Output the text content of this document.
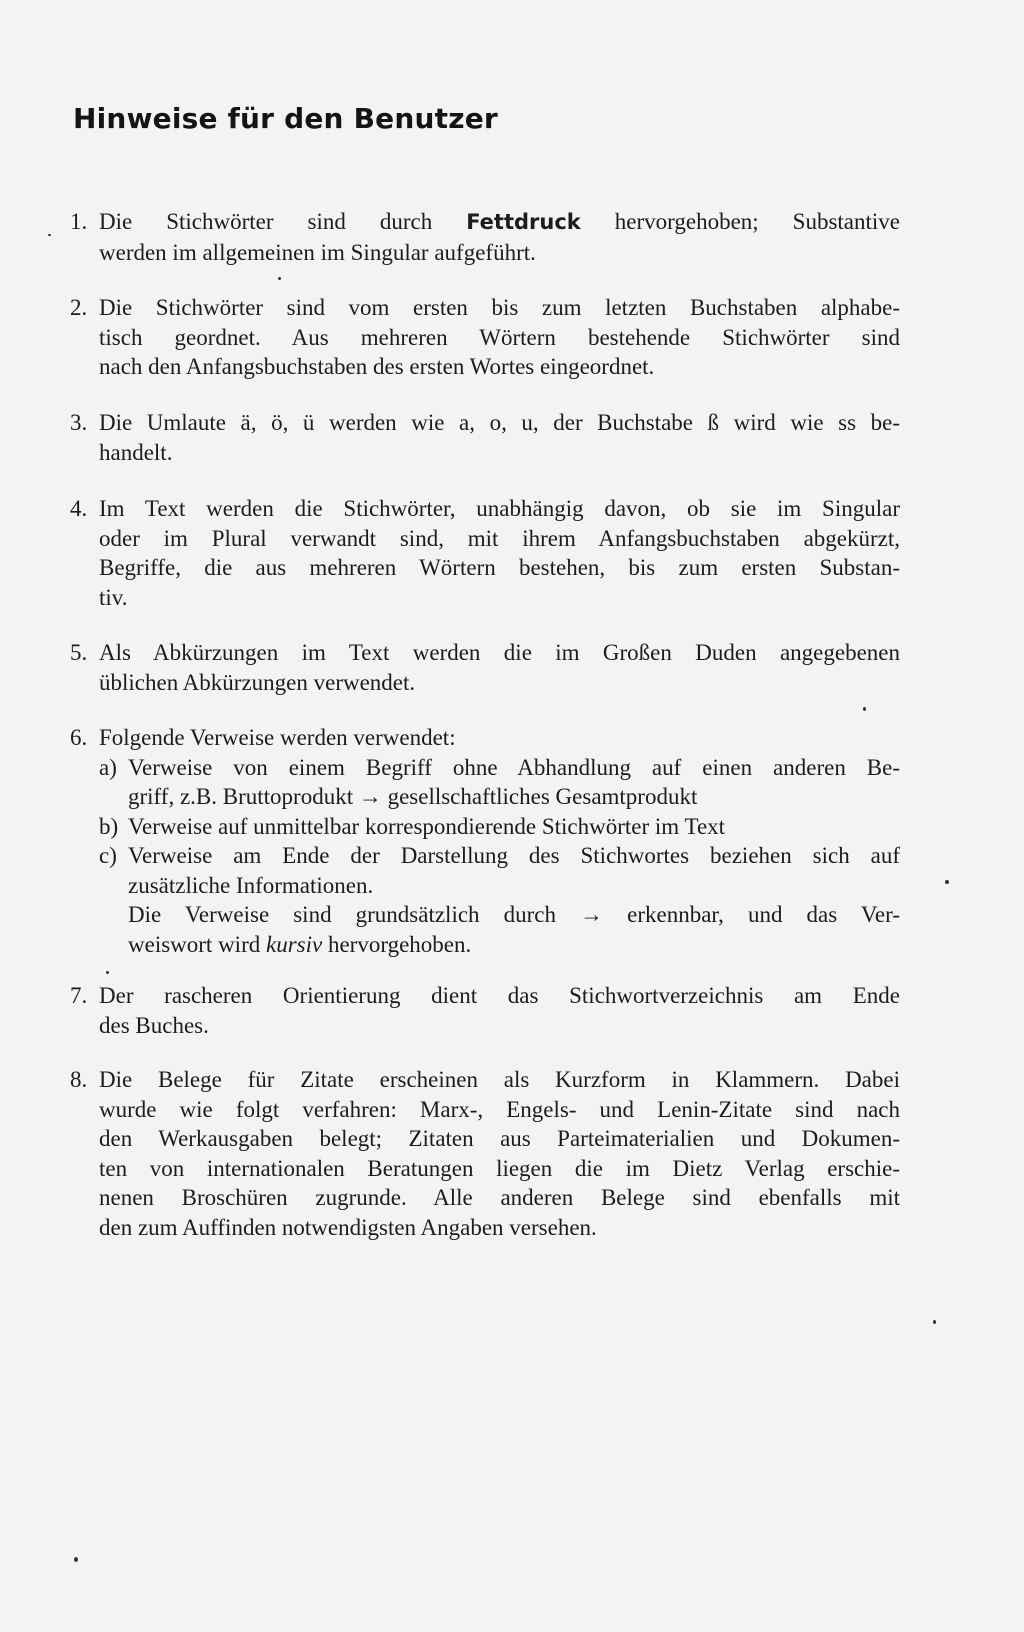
Hinweise für den Benutzer
1. Die Stichwörter sind durch Fettdruck hervorgehoben; Substantive
werden im allgemeinen im Singular aufgeführt.
2. Die Stichwörter sind vom ersten bis zum letzten Buchstaben alphabe-
tisch geordnet. Aus mehreren Wörtern bestehende Stichwörter sind
nach den Anfangsbuchstaben des ersten Wortes eingeordnet.
3. Die Umlaute ä, ö, ü werden wie a, o, u, der Buchstabe ß wird wie ss be-
handelt.
4. Im Text werden die Stichwörter, unabhängig davon, ob sie im Singular
oder im Plural verwandt sind, mit ihrem Anfangsbuchstaben abgekürzt,
Begriffe, die aus mehreren Wörtern bestehen, bis zum ersten Substan-
tiv.
5. Als Abkürzungen im Text werden die im Großen Duden angegebenen
üblichen Abkürzungen verwendet.
6. Folgende Verweise werden verwendet:
a) Verweise von einem Begriff ohne Abhandlung auf einen anderen Be-
griff, z.B. Bruttoprodukt → gesellschaftliches Gesamtprodukt
b) Verweise auf unmittelbar korrespondierende Stichwörter im Text
c) Verweise am Ende der Darstellung des Stichwortes beziehen sich auf
zusätzliche Informationen.
Die Verweise sind grundsätzlich durch → erkennbar, und das Ver-
weiswort wird kursiv hervorgehoben.
7. Der rascheren Orientierung dient das Stichwortverzeichnis am Ende
des Buches.
8. Die Belege für Zitate erscheinen als Kurzform in Klammern. Dabei
wurde wie folgt verfahren: Marx-, Engels- und Lenin-Zitate sind nach
den Werkausgaben belegt; Zitaten aus Parteimaterialien und Dokumen-
ten von internationalen Beratungen liegen die im Dietz Verlag erschie-
nenen Broschüren zugrunde. Alle anderen Belege sind ebenfalls mit
den zum Auffinden notwendigsten Angaben versehen.
